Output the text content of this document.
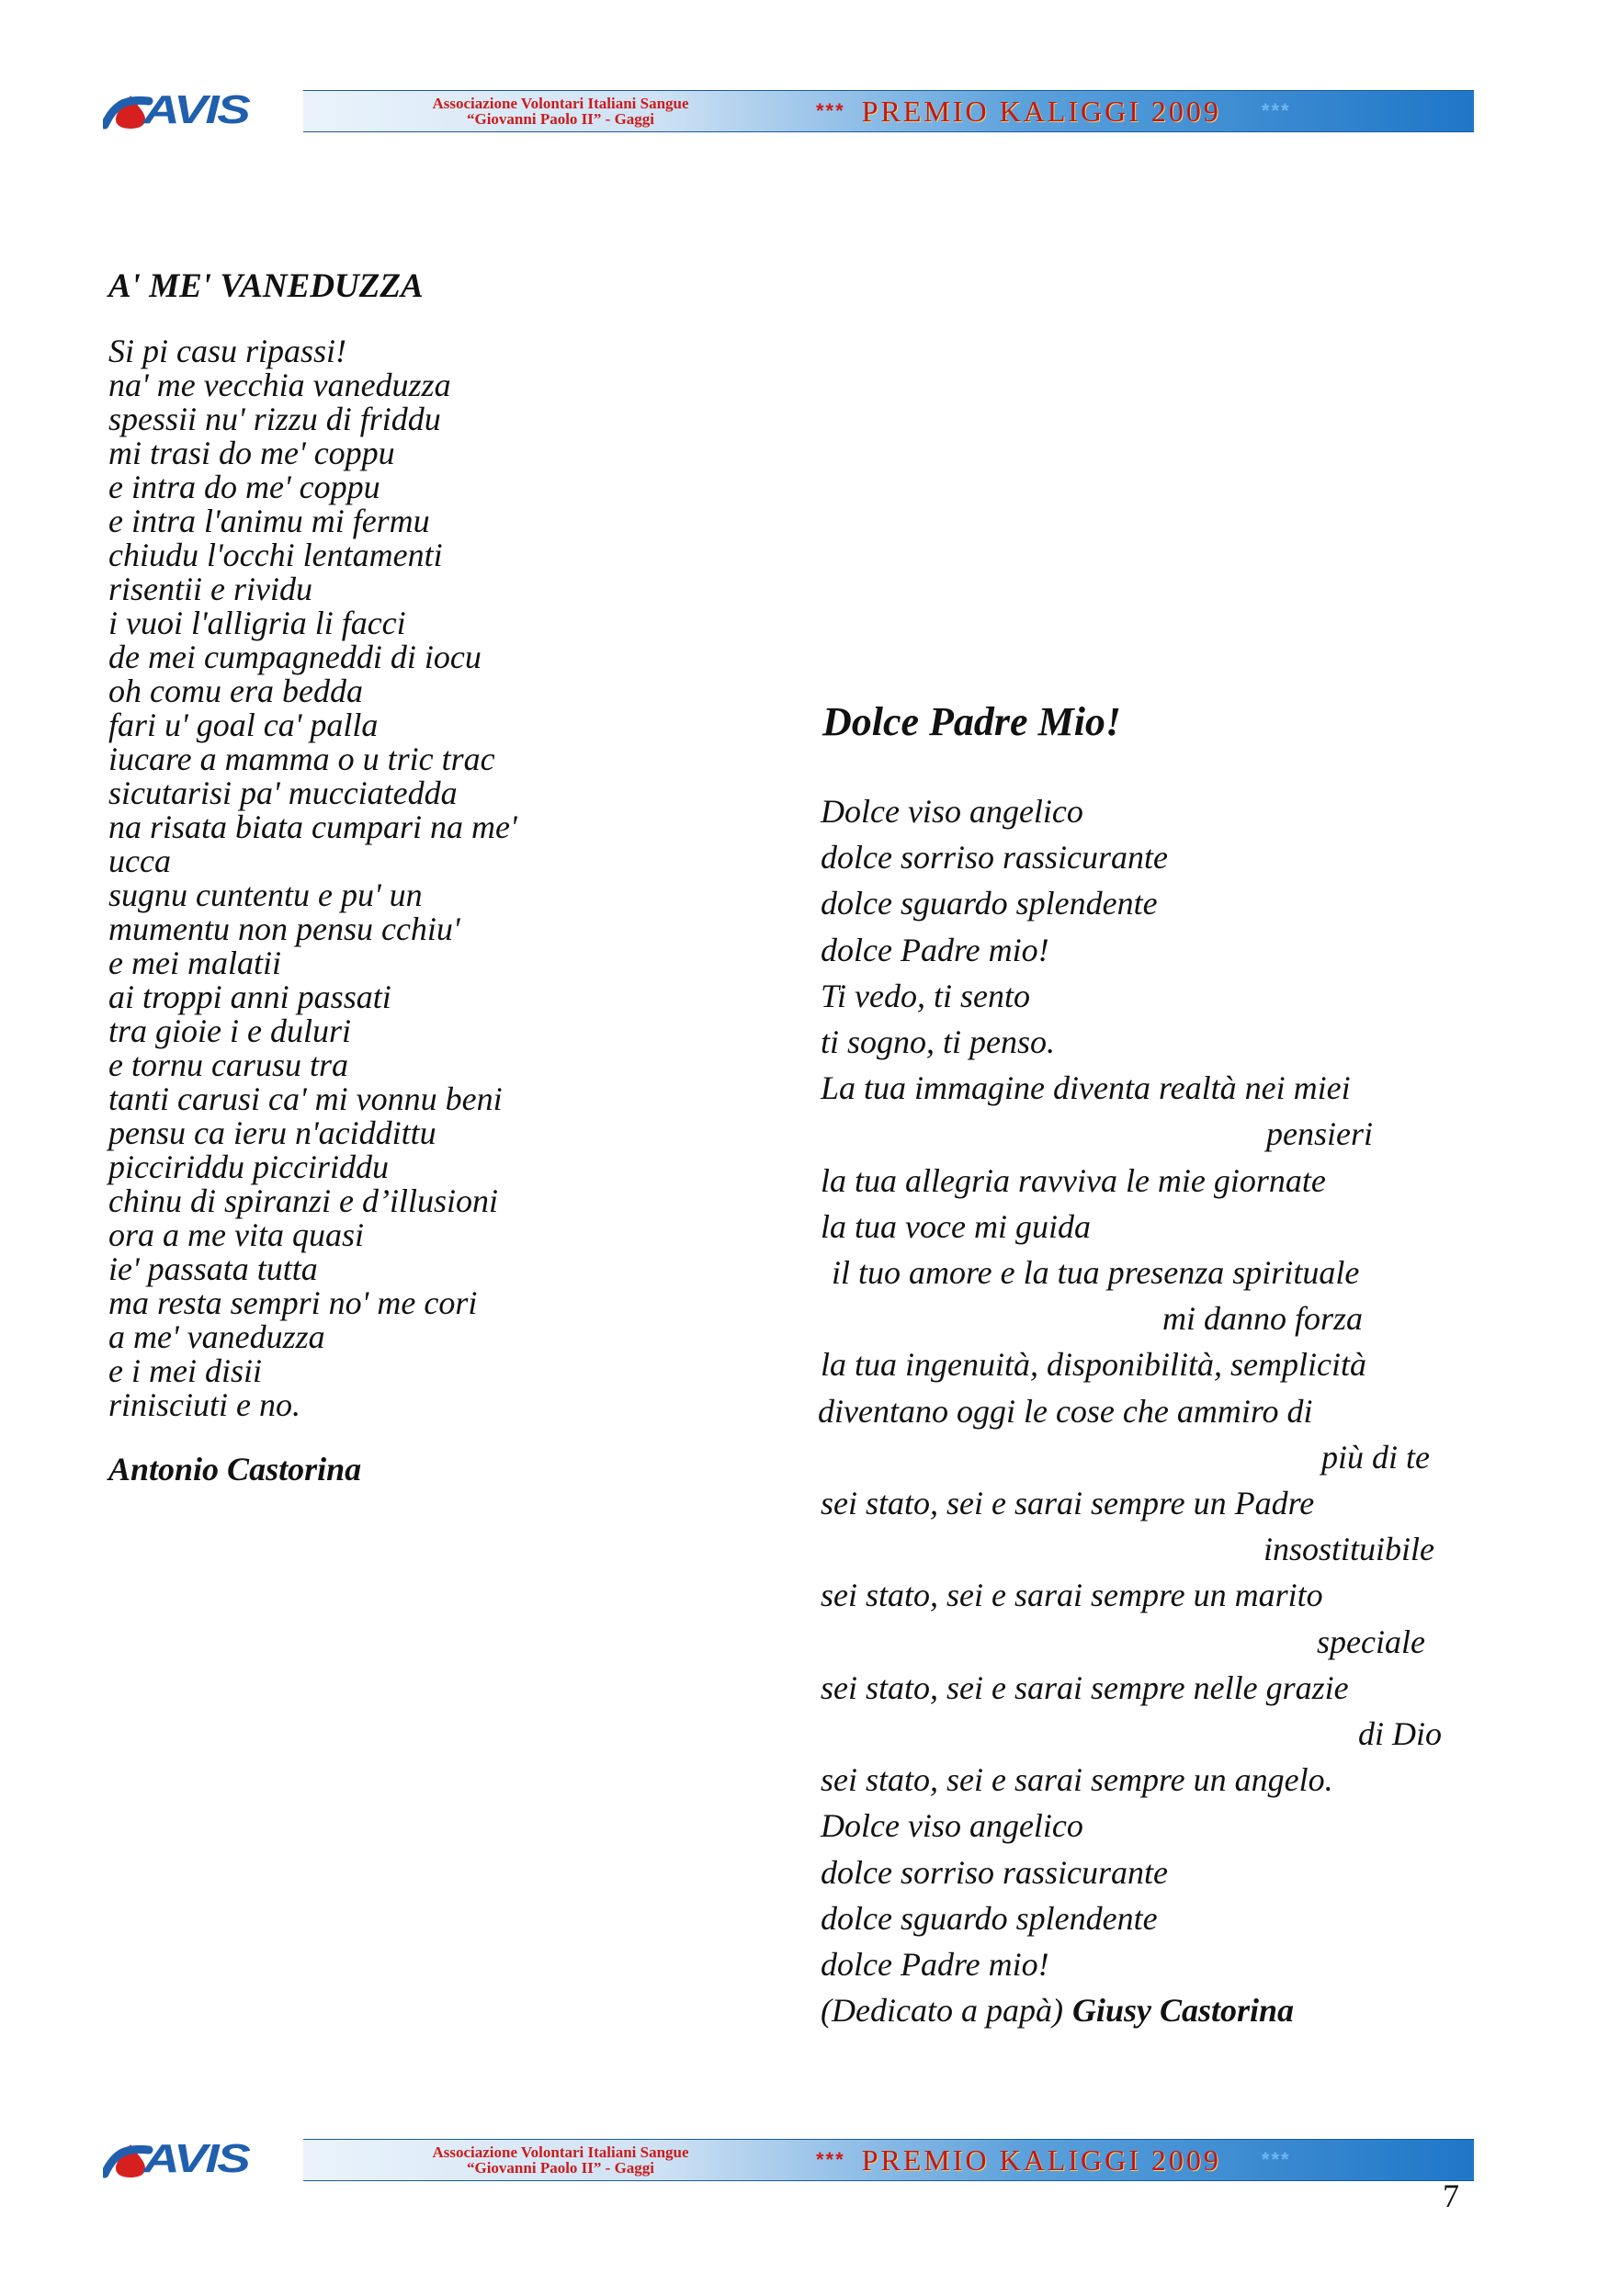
AVIS	Associazione Volontari Italiani Sangue
“Giovanni Paolo II” - Gaggi	*** PREMIO KALIGGI 2009 ***
A' ME' VANEDUZZA
Si pi casu ripassi!
na' me vecchia vaneduzza
spessii nu' rizzu di friddu
mi trasi do me' coppu
e intra do me' coppu
e intra l'animu mi fermu
chiudu l'occhi lentamenti
risentii e rividu
i vuoi l'alligria li facci
de mei cumpagneddi di iocu
oh comu era bedda
fari u' goal ca' palla
iucare a mamma o u tric trac
sicutarisi pa' mucciatedda
na risata biata cumpari na me'
ucca
sugnu cuntentu e pu' un
mumentu non pensu cchiu'
e mei malatii
ai troppi anni passati
tra gioie i e duluri
e tornu carusu tra
tanti carusi ca' mi vonnu beni
pensu ca ieru n'aciddittu
picciriddu picciriddu
chinu di spiranzi e d’illusioni
ora a me vita quasi
ie' passata tutta
ma resta sempri no' me cori
a me' vaneduzza
e i mei disii
rinisciuti e no.
Antonio Castorina
Dolce Padre Mio!
Dolce viso angelico
dolce sorriso rassicurante
dolce sguardo splendente
dolce Padre mio!
Ti vedo, ti sento
ti sogno, ti penso.
La tua immagine diventa realtà nei miei
pensieri
la tua allegria ravviva le mie giornate
la tua voce mi guida
il tuo amore e la tua presenza spirituale
mi danno forza
la tua ingenuità, disponibilità, semplicità
diventano oggi le cose che ammiro di
più di te
sei stato, sei e sarai sempre un Padre
insostituibile
sei stato, sei e sarai sempre un marito
speciale
sei stato, sei e sarai sempre nelle grazie
di Dio
sei stato, sei e sarai sempre un angelo.
Dolce viso angelico
dolce sorriso rassicurante
dolce sguardo splendente
dolce Padre mio!
(Dedicato a papà) Giusy Castorina
AVIS	Associazione Volontari Italiani Sangue
“Giovanni Paolo II” - Gaggi	*** PREMIO KALIGGI 2009 ***
7
